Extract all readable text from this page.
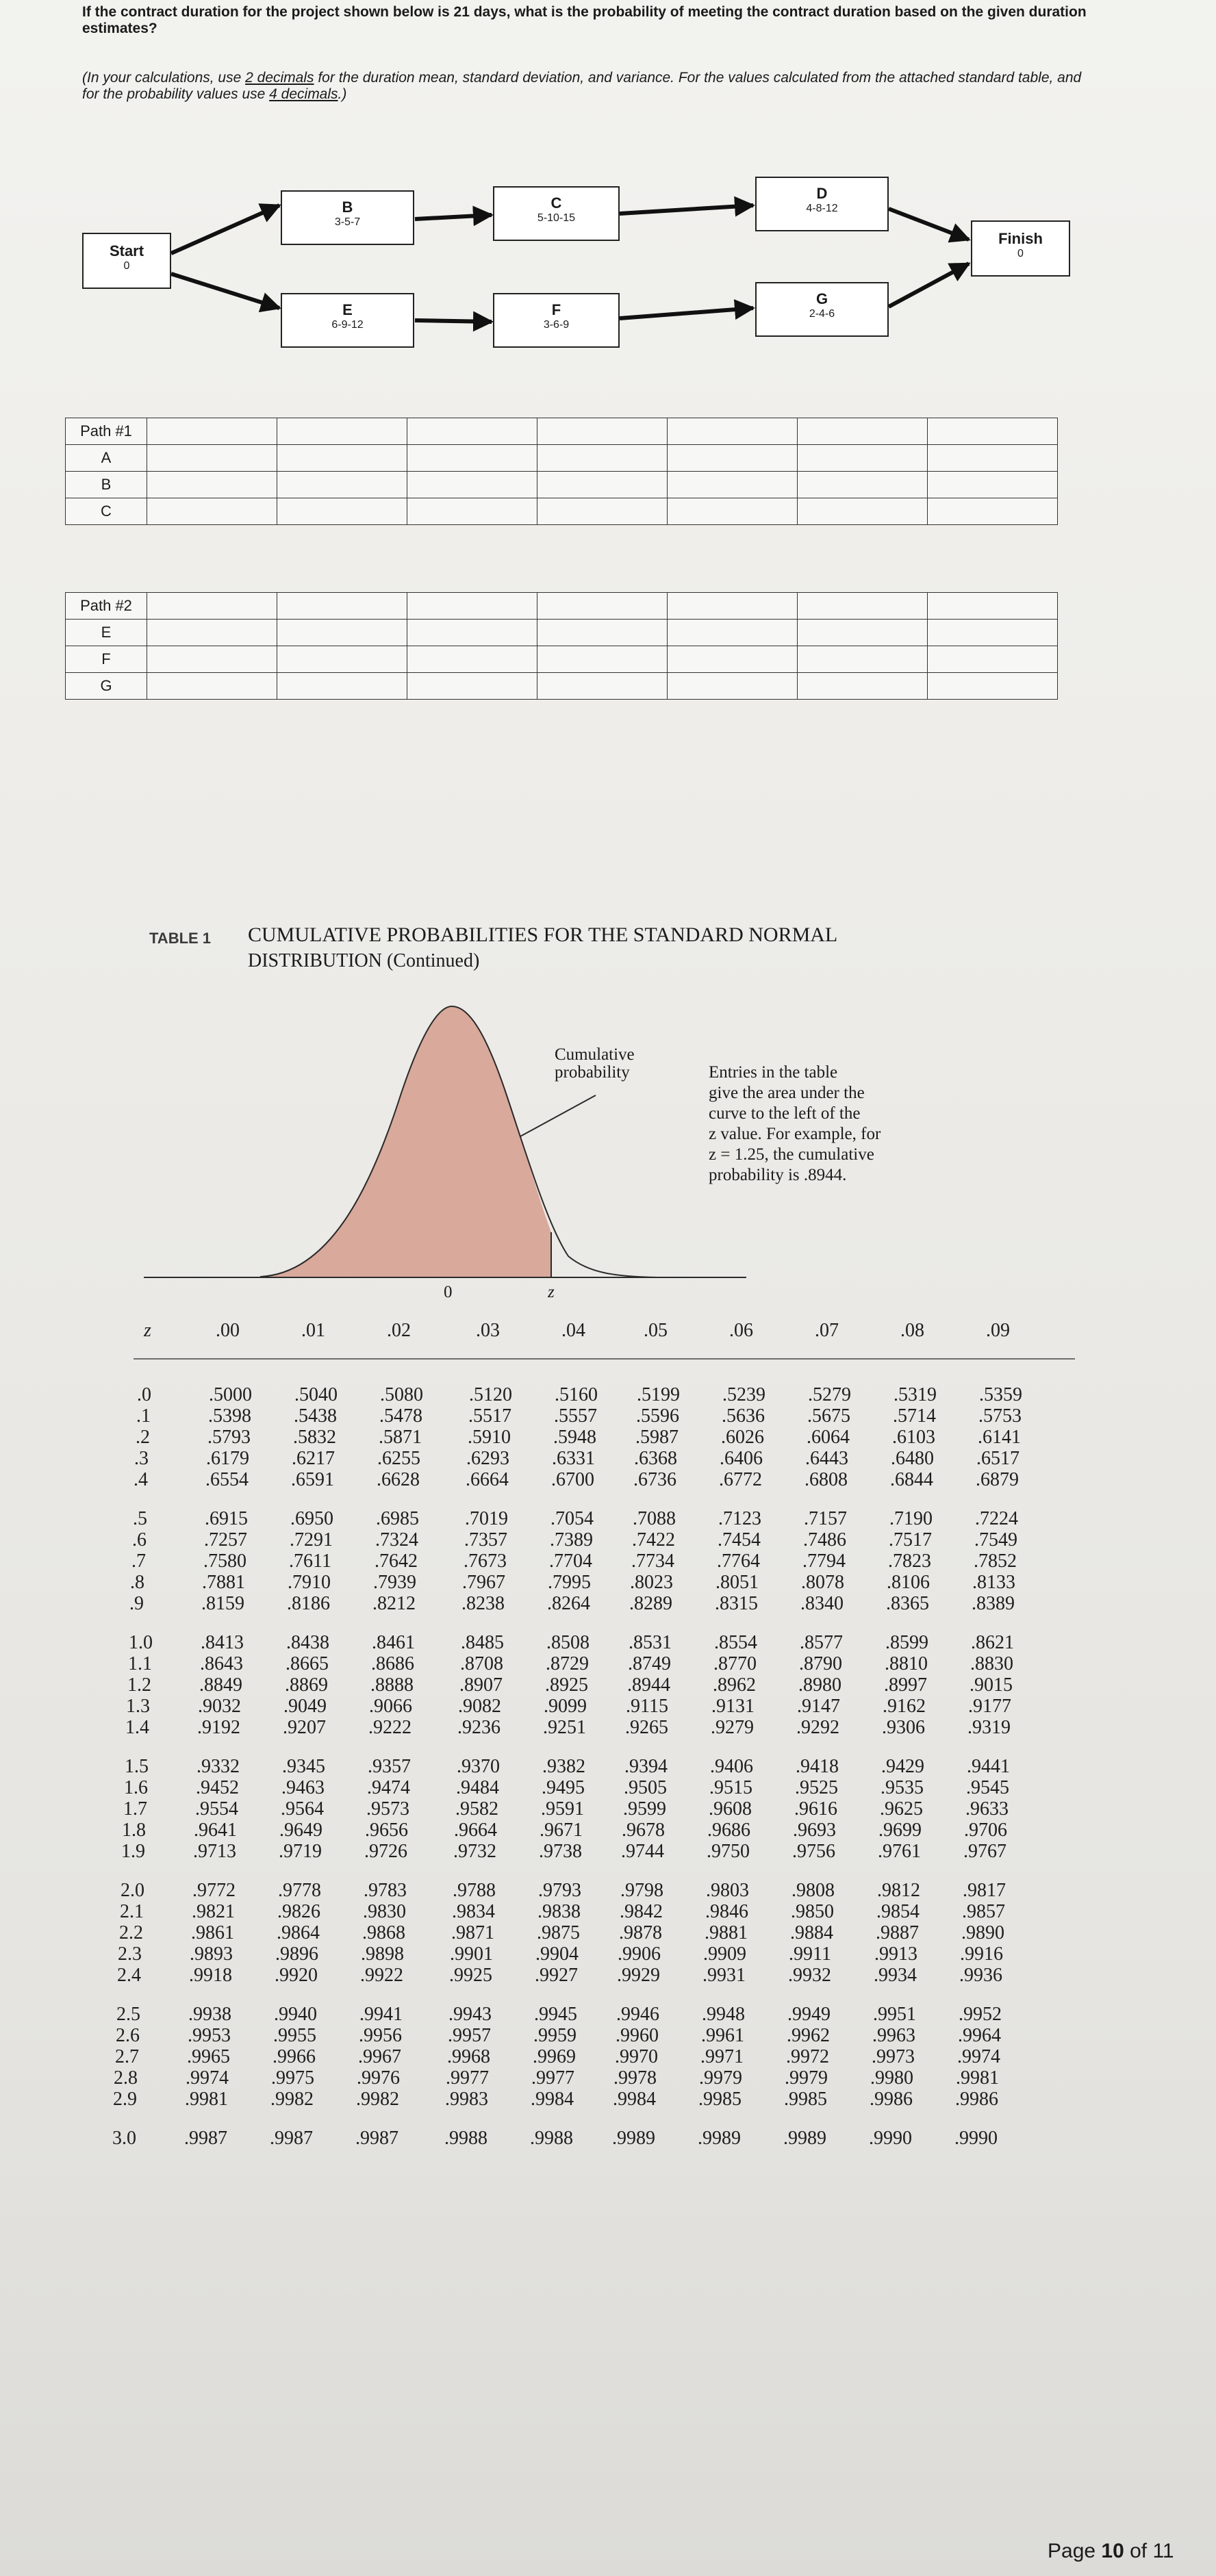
If the contract duration for the project shown below is 21 days, what is the probability of meeting the contract duration based on the given duration estimates?
(In your calculations, use 2 decimals for the duration mean, standard deviation, and variance. For the values calculated from the attached standard table, and for the probability values use 4 decimals.)
Start
0
B
3-5-7
C
5-10-15
D
4-8-12
E
6-9-12
F
3-6-9
G
2-4-6
Finish
0
Path #1							
A							
B							
C							
Path #2							
E							
F							
G							
TABLE 1 CUMULATIVE PROBABILITIES FOR THE STANDARD NORMAL
DISTRIBUTION (Continued)
Cumulative
probability
0	z
Entries in the table
give the area under the
curve to the left of the
z value. For example, for
z = 1.25, the cumulative
probability is .8944.
z	.00	.01	.02	.03	.04	.05	.06	.07	.08	.09
.0	.5000 .5040 .5080 .5120 .5160 .5199 .5239 .5279 .5319 .5359
.1	.5398 .5438 .5478 .5517 .5557 .5596 .5636 .5675 .5714 .5753
.2	.5793 .5832 .5871 .5910 .5948 .5987 .6026 .6064 .6103 .6141
.3	.6179 .6217 .6255 .6293 .6331 .6368 .6406 .6443 .6480 .6517
.4	.6554 .6591 .6628 .6664 .6700 .6736 .6772 .6808 .6844 .6879
.5	.6915 .6950 .6985 .7019 .7054 .7088 .7123 .7157 .7190 .7224
.6	.7257 .7291 .7324 .7357 .7389 .7422 .7454 .7486 .7517 .7549
.7	.7580 .7611 .7642 .7673 .7704 .7734 .7764 .7794 .7823 .7852
.8	.7881 .7910 .7939 .7967 .7995 .8023 .8051 .8078 .8106 .8133
.9	.8159 .8186 .8212 .8238 .8264 .8289 .8315 .8340 .8365 .8389
1.0	.8413 .8438 .8461 .8485 .8508 .8531 .8554 .8577 .8599 .8621
1.1	.8643 .8665 .8686 .8708 .8729 .8749 .8770 .8790 .8810 .8830
1.2	.8849 .8869 .8888 .8907 .8925 .8944 .8962 .8980 .8997 .9015
1.3	.9032 .9049 .9066 .9082 .9099 .9115 .9131 .9147 .9162 .9177
1.4	.9192 .9207 .9222 .9236 .9251 .9265 .9279 .9292 .9306 .9319
1.5	.9332 .9345 .9357 .9370 .9382 .9394 .9406 .9418 .9429 .9441
1.6	.9452 .9463 .9474 .9484 .9495 .9505 .9515 .9525 .9535 .9545
1.7	.9554 .9564 .9573 .9582 .9591 .9599 .9608 .9616 .9625 .9633
1.8	.9641 .9649 .9656 .9664 .9671 .9678 .9686 .9693 .9699 .9706
1.9	.9713 .9719 .9726 .9732 .9738 .9744 .9750 .9756 .9761 .9767
2.0	.9772 .9778 .9783 .9788 .9793 .9798 .9803 .9808 .9812 .9817
2.1	.9821 .9826 .9830 .9834 .9838 .9842 .9846 .9850 .9854 .9857
2.2	.9861 .9864 .9868 .9871 .9875 .9878 .9881 .9884 .9887 .9890
2.3	.9893 .9896 .9898 .9901 .9904 .9906 .9909 .9911 .9913 .9916
2.4	.9918 .9920 .9922 .9925 .9927 .9929 .9931 .9932 .9934 .9936
2.5	.9938 .9940 .9941 .9943 .9945 .9946 .9948 .9949 .9951 .9952
2.6	.9953 .9955 .9956 .9957 .9959 .9960 .9961 .9962 .9963 .9964
2.7	.9965 .9966 .9967 .9968 .9969 .9970 .9971 .9972 .9973 .9974
2.8	.9974 .9975 .9976 .9977 .9977 .9978 .9979 .9979 .9980 .9981
2.9	.9981 .9982 .9982 .9983 .9984 .9984 .9985 .9985 .9986 .9986
3.0	.9987 .9987 .9987 .9988 .9988 .9989 .9989 .9989 .9990 .9990
Page 10 of 11
